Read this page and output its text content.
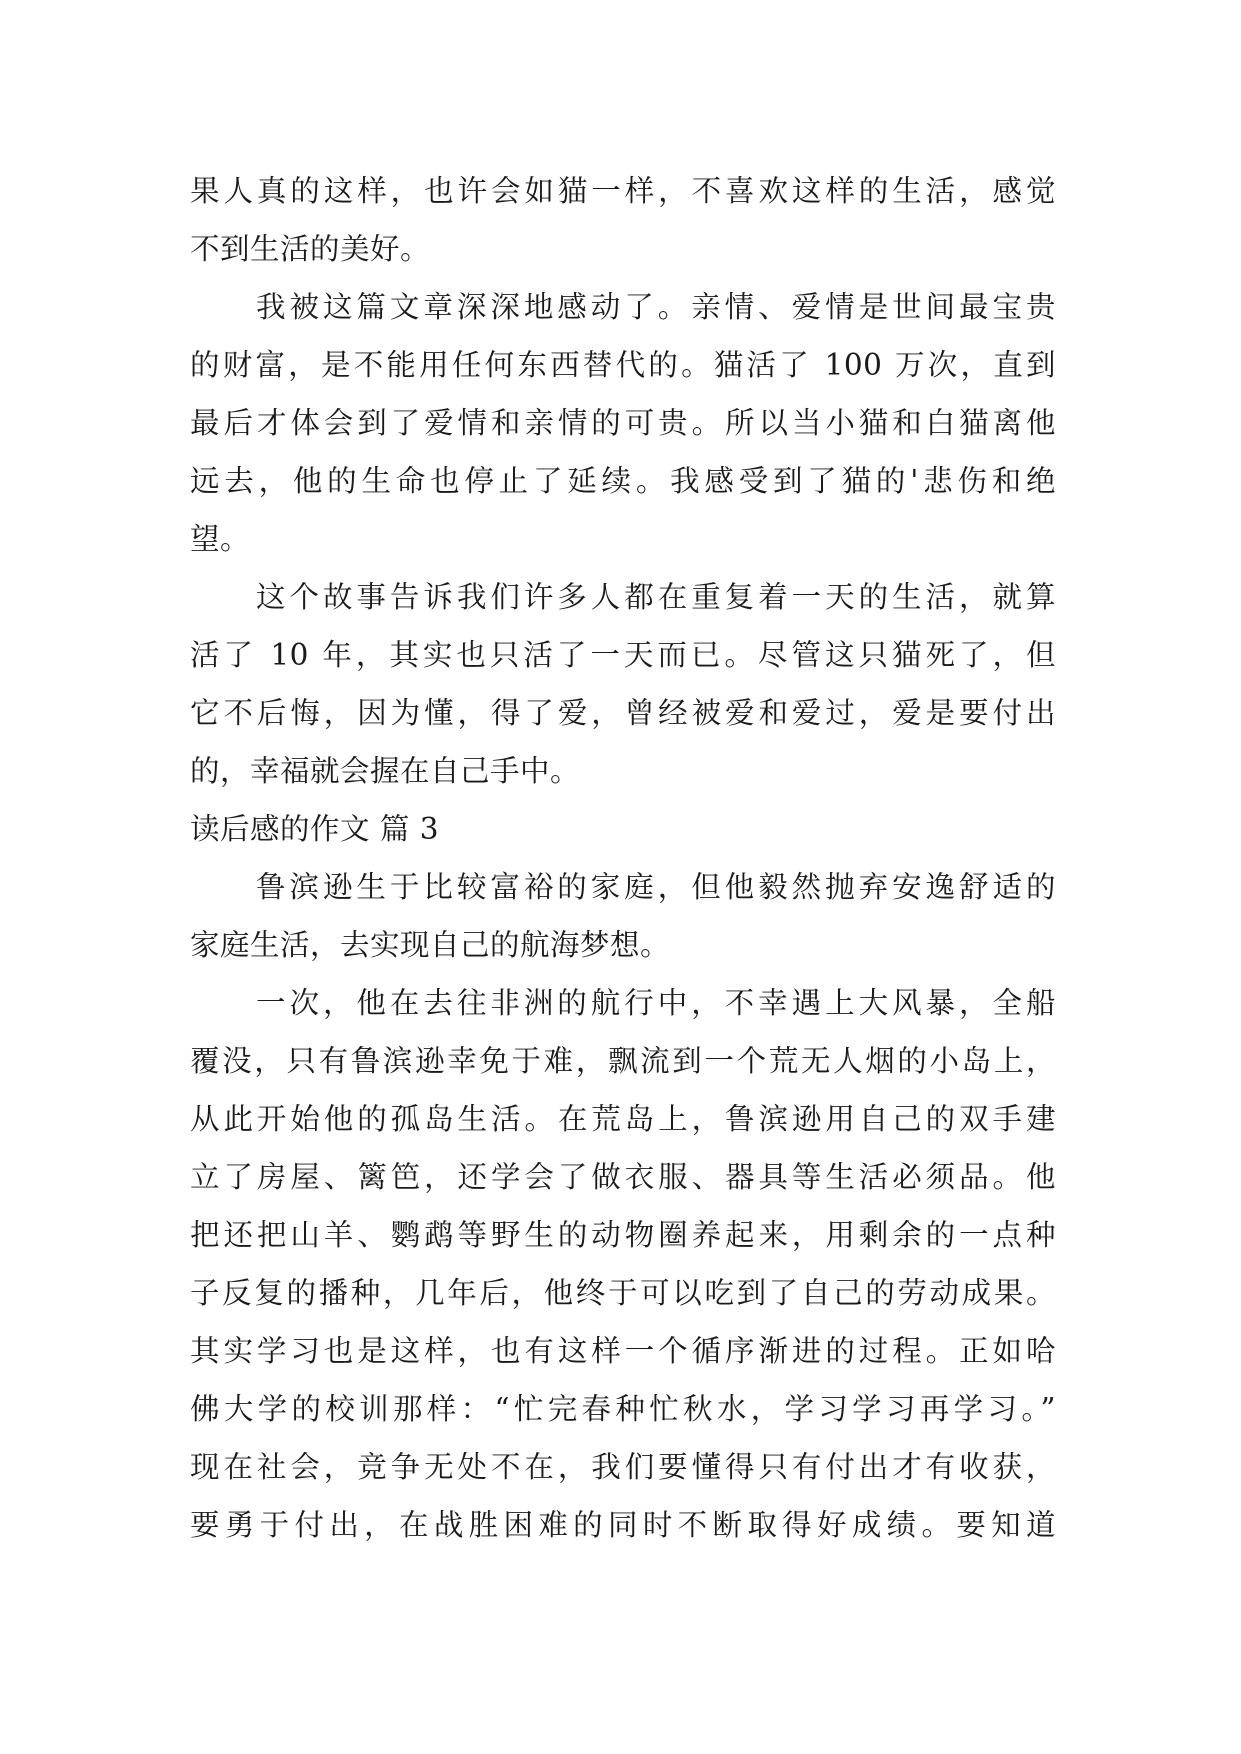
果人真的这样，也许会如猫一样，不喜欢这样的生活，感觉
不到生活的美好。
我被这篇文章深深地感动了。亲情、爱情是世间最宝贵
的财富，是不能用任何东西替代的。猫活了 100 万次，直到
最后才体会到了爱情和亲情的可贵。所以当小猫和白猫离他
远去，他的生命也停止了延续。我感受到了猫的'悲伤和绝
望。
这个故事告诉我们许多人都在重复着一天的生活，就算
活了 10 年，其实也只活了一天而已。尽管这只猫死了，但
它不后悔，因为懂，得了爱，曾经被爱和爱过，爱是要付出
的，幸福就会握在自己手中。
读后感的作文 篇 3
鲁滨逊生于比较富裕的家庭，但他毅然抛弃安逸舒适的
家庭生活，去实现自己的航海梦想。
一次，他在去往非洲的航行中，不幸遇上大风暴，全船
覆没，只有鲁滨逊幸免于难，飘流到一个荒无人烟的小岛上，
从此开始他的孤岛生活。在荒岛上，鲁滨逊用自己的双手建
立了房屋、篱笆，还学会了做衣服、器具等生活必须品。他
把还把山羊、鹦鹉等野生的动物圈养起来，用剩余的一点种
子反复的播种，几年后，他终于可以吃到了自己的劳动成果。
其实学习也是这样，也有这样一个循序渐进的过程。正如哈
佛大学的校训那样：“忙完春种忙秋水，学习学习再学习。”
现在社会，竞争无处不在，我们要懂得只有付出才有收获，
要勇于付出，在战胜困难的同时不断取得好成绩。要知道
